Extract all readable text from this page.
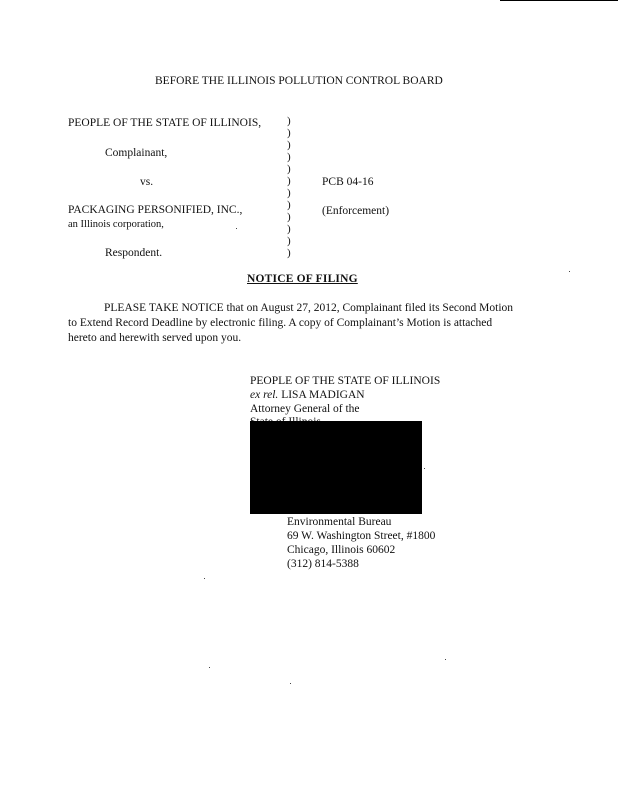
BEFORE THE ILLINOIS POLLUTION CONTROL BOARD
PEOPLE OF THE STATE OF ILLINOIS,
Complainant,
vs.
PACKAGING PERSONIFIED, INC.,
an Illinois corporation,
Respondent.
)
)
)
)
)
)
)
)
)
)
)
)
PCB 04-16
(Enforcement)
NOTICE OF FILING
PLEASE TAKE NOTICE that on August 27, 2012, Complainant filed its Second Motion
to Extend Record Deadline by electronic filing. A copy of Complainant’s Motion is attached
hereto and herewith served upon you.
PEOPLE OF THE STATE OF ILLINOIS
ex rel. LISA MADIGAN
Attorney General of the
Environmental Bureau
69 W. Washington Street, #1800
Chicago, Illinois 60602
(312) 814-5388
